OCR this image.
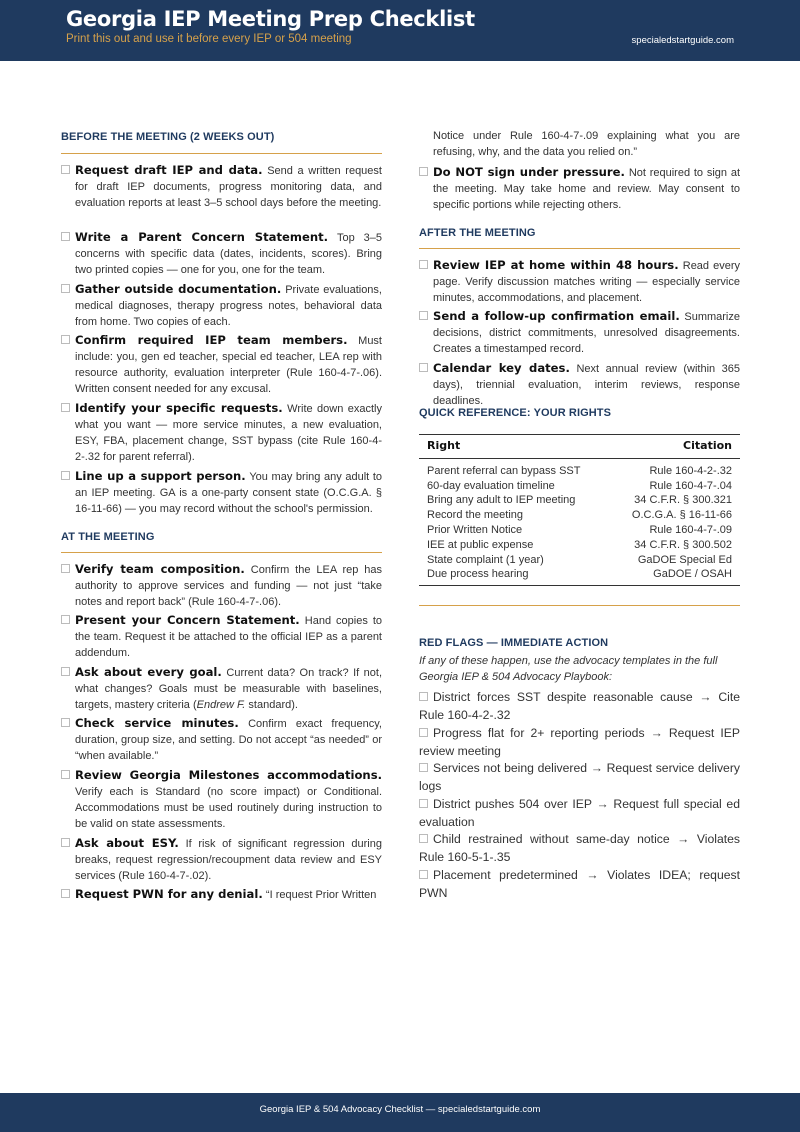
Georgia IEP Meeting Prep Checklist
Print this out and use it before every IEP or 504 meeting	specialedstartguide.com
BEFORE THE MEETING (2 WEEKS OUT)
Request draft IEP and data. Send a written request for draft IEP documents, progress monitoring data, and evaluation reports at least 3–5 school days before the meeting.
Write a Parent Concern Statement. Top 3–5 concerns with specific data (dates, incidents, scores). Bring two printed copies — one for you, one for the team.
Gather outside documentation. Private evaluations, medical diagnoses, therapy progress notes, behavioral data from home. Two copies of each.
Confirm required IEP team members. Must include: you, gen ed teacher, special ed teacher, LEA rep with resource authority, evaluation interpreter (Rule 160-4-7-.06). Written consent needed for any excusal.
Identify your specific requests. Write down exactly what you want — more service minutes, a new evaluation, ESY, FBA, placement change, SST bypass (cite Rule 160-4-2-.32 for parent referral).
Line up a support person. You may bring any adult to an IEP meeting. GA is a one-party consent state (O.C.G.A. § 16-11-66) — you may record without the school's permission.
AT THE MEETING
Verify team composition. Confirm the LEA rep has authority to approve services and funding — not just “take notes and report back” (Rule 160-4-7-.06).
Present your Concern Statement. Hand copies to the team. Request it be attached to the official IEP as a parent addendum.
Ask about every goal. Current data? On track? If not, what changes? Goals must be measurable with baselines, targets, mastery criteria (Endrew F. standard).
Check service minutes. Confirm exact frequency, duration, group size, and setting. Do not accept “as needed” or “when available.”
Review Georgia Milestones accommodations. Verify each is Standard (no score impact) or Conditional. Accommodations must be used routinely during instruction to be valid on state assessments.
Ask about ESY. If risk of significant regression during breaks, request regression/recoupment data review and ESY services (Rule 160-4-7-.02).
Request PWN for any denial. “I request Prior Written
Notice under Rule 160-4-7-.09 explaining what you are refusing, why, and the data you relied on.”
Do NOT sign under pressure. Not required to sign at the meeting. May take home and review. May consent to specific portions while rejecting others.
AFTER THE MEETING
Review IEP at home within 48 hours. Read every page. Verify discussion matches writing — especially service minutes, accommodations, and placement.
Send a follow-up confirmation email. Summarize decisions, district commitments, unresolved disagreements. Creates a timestamped record.
Calendar key dates. Next annual review (within 365 days), triennial evaluation, interim reviews, response deadlines.
QUICK REFERENCE: YOUR RIGHTS
Right	Citation
Parent referral can bypass SST	Rule 160-4-2-.32
60-day evaluation timeline	Rule 160-4-7-.04
Bring any adult to IEP meeting	34 C.F.R. § 300.321
Record the meeting	O.C.G.A. § 16-11-66
Prior Written Notice	Rule 160-4-7-.09
IEE at public expense	34 C.F.R. § 300.502
State complaint (1 year)	GaDOE Special Ed
Due process hearing	GaDOE / OSAH
RED FLAGS — IMMEDIATE ACTION
If any of these happen, use the advocacy templates in the full Georgia IEP & 504 Advocacy Playbook:
District forces SST despite reasonable cause → Cite Rule 160-4-2-.32
Progress flat for 2+ reporting periods → Request IEP review meeting
Services not being delivered → Request service delivery logs
District pushes 504 over IEP → Request full special ed evaluation
Child restrained without same-day notice → Violates Rule 160-5-1-.35
Placement predetermined → Violates IDEA; request PWN
Georgia IEP & 504 Advocacy Checklist — specialedstartguide.com
